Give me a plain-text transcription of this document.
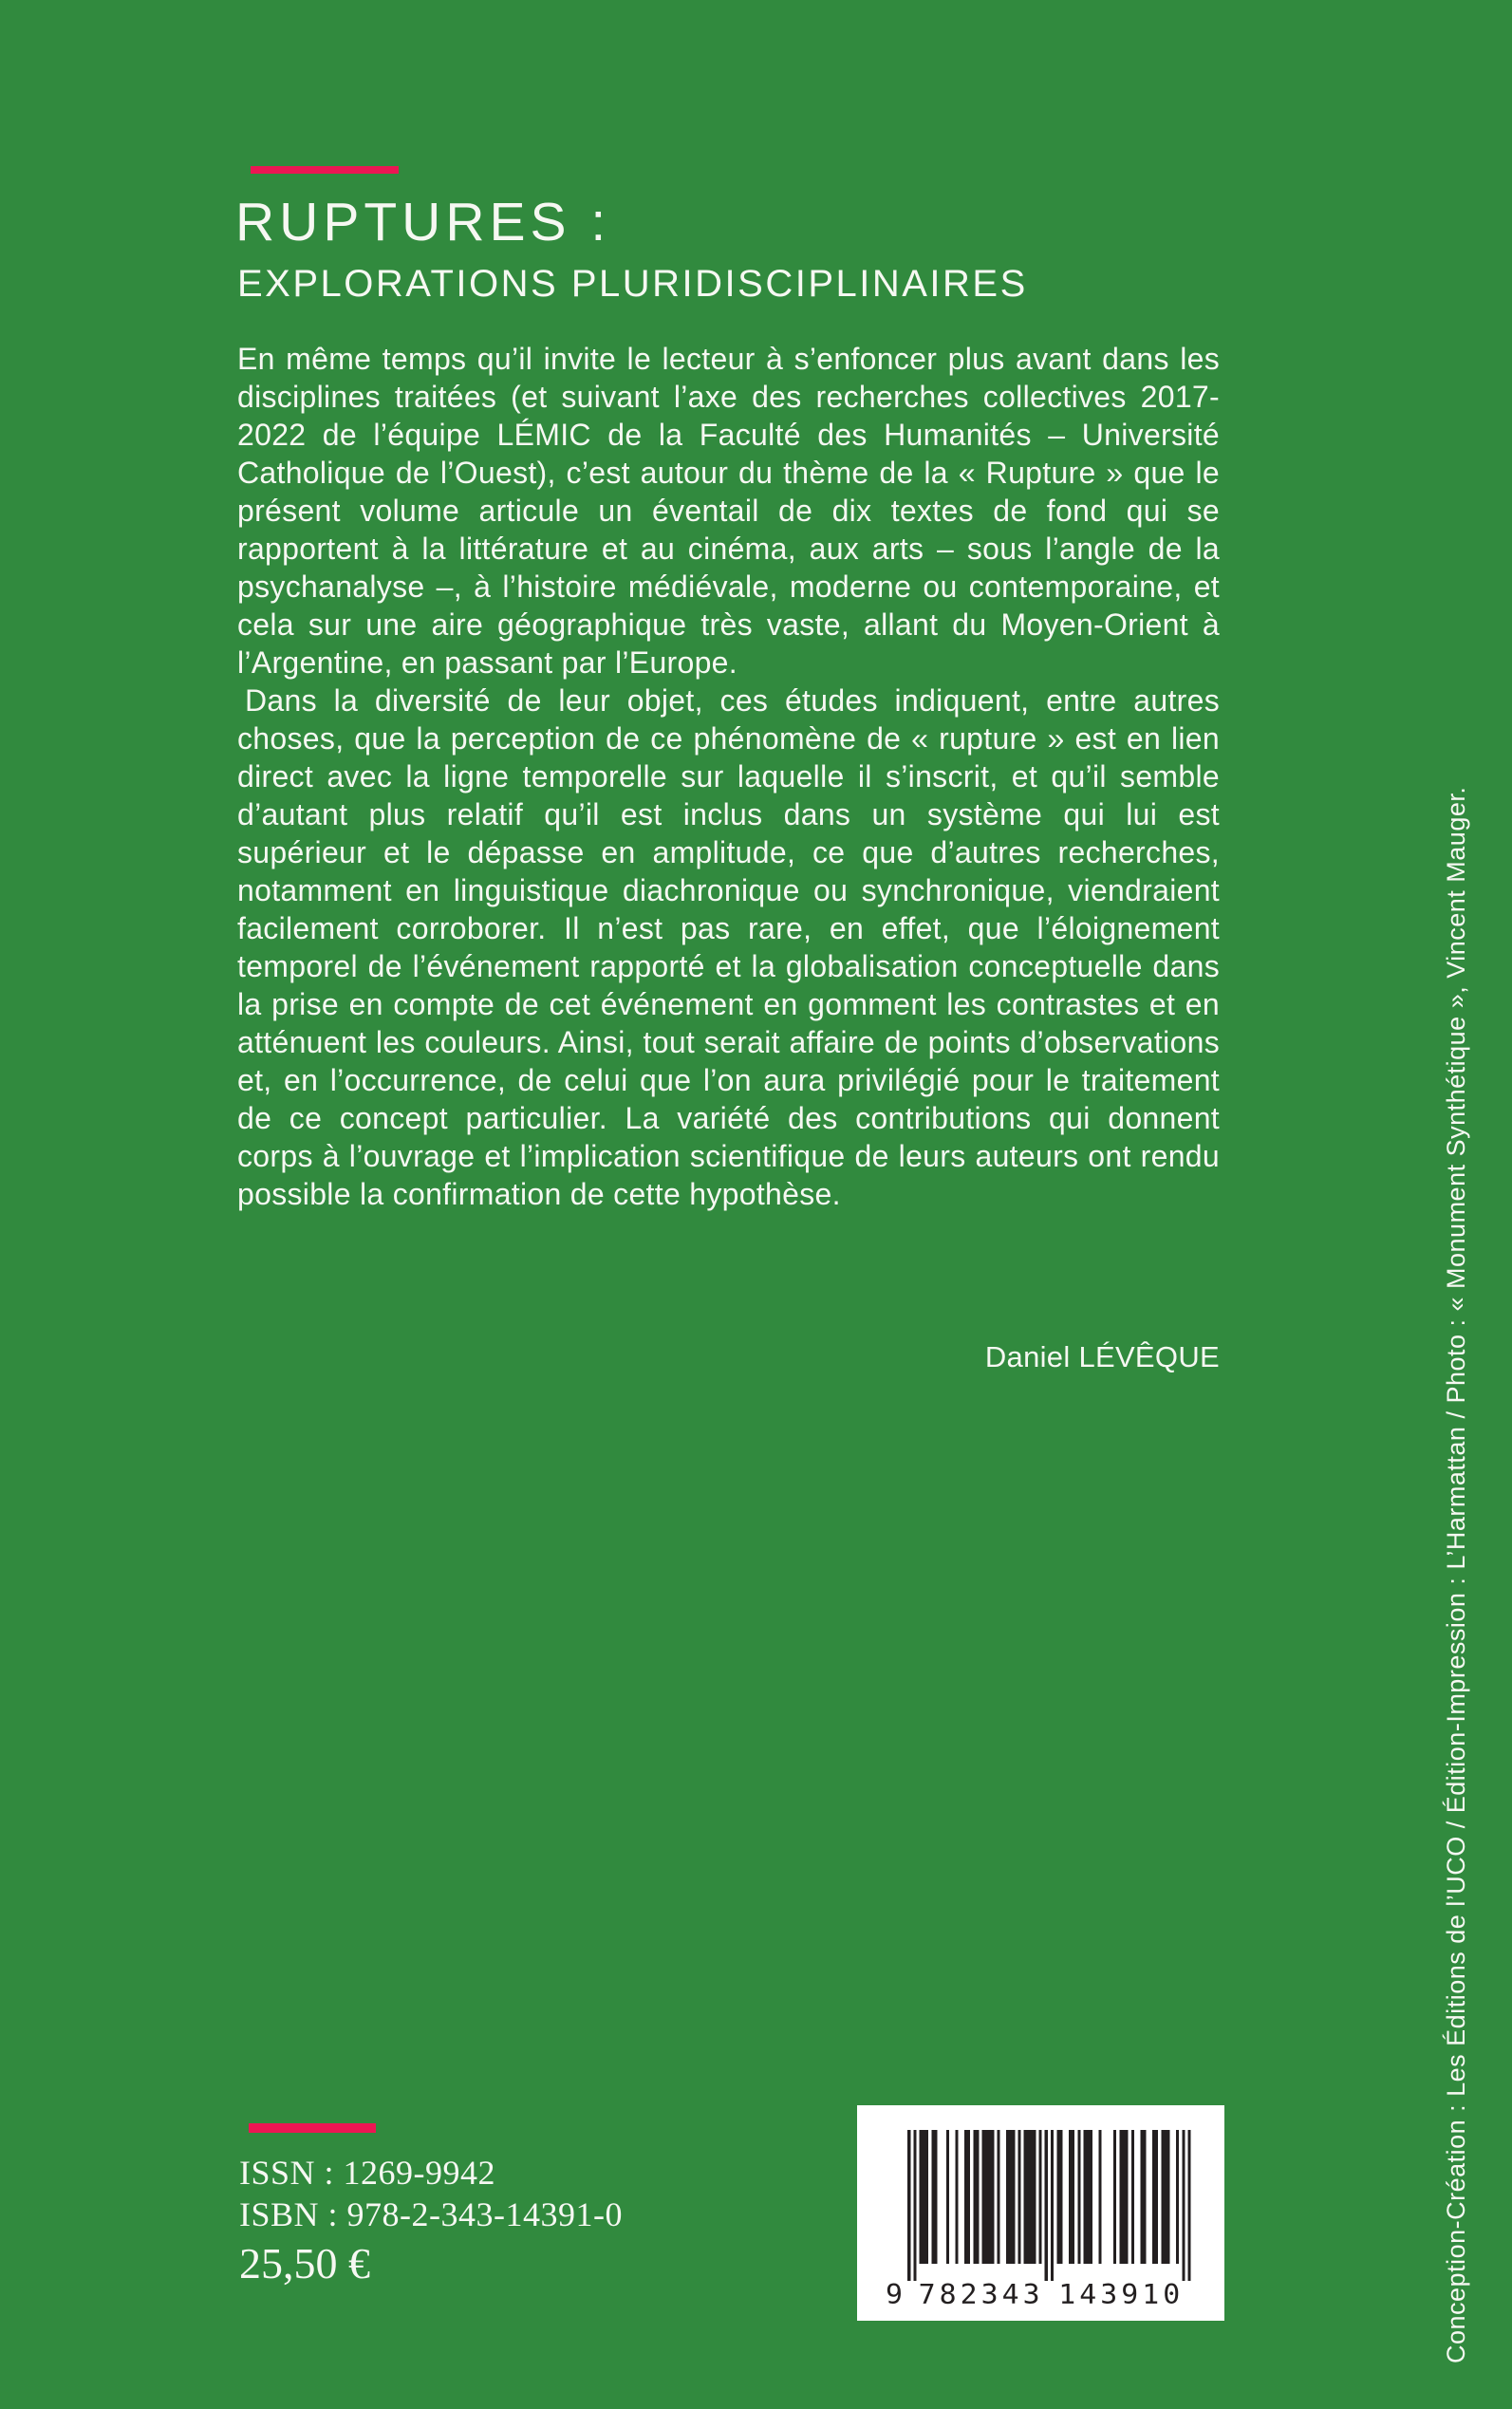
RUPTURES :
EXPLORATIONS PLURIDISCIPLINAIRES

En même temps qu’il invite le lecteur à s’enfoncer plus avant dans les disciplines traitées (et suivant l’axe des recherches collectives 2017-2022 de l’équipe LÉMIC de la Faculté des Humanités – Université Catholique de l’Ouest), c’est autour du thème de la « Rupture » que le présent volume articule un éventail de dix textes de fond qui se rapportent à la littérature et au cinéma, aux arts – sous l’angle de la psychanalyse –, à l’histoire médiévale, moderne ou contemporaine, et cela sur une aire géographique très vaste, allant du Moyen-Orient à l’Argentine, en passant par l’Europe.

Dans la diversité de leur objet, ces études indiquent, entre autres choses, que la perception de ce phénomène de « rupture » est en lien direct avec la ligne temporelle sur laquelle il s’inscrit, et qu’il semble d’autant plus relatif qu’il est inclus dans un système qui lui est supérieur et le dépasse en amplitude, ce que d’autres recherches, notamment en linguistique diachronique ou synchronique, viendraient facilement corroborer. Il n’est pas rare, en effet, que l’éloignement temporel de l’événement rapporté et la globalisation conceptuelle dans la prise en compte de cet événement en gomment les contrastes et en atténuent les couleurs. Ainsi, tout serait affaire de points d’observations et, en l’occurrence, de celui que l’on aura privilégié pour le traitement de ce concept particulier. La variété des contributions qui donnent corps à l’ouvrage et l’implication scientifique de leurs auteurs ont rendu possible la confirmation de cette hypothèse.

Daniel LÉVÊQUE
ISSN : 1269-9942
ISBN : 978-2-343-14391-0
25,50 €
9 7 8 2 3 4 3 1 4 3 9 1 0	Conception-Création : Les Éditions de l’UCO / Édition-Impression : L’Harmattan / Photo : « Monument Synthétique », Vincent Mauger.
